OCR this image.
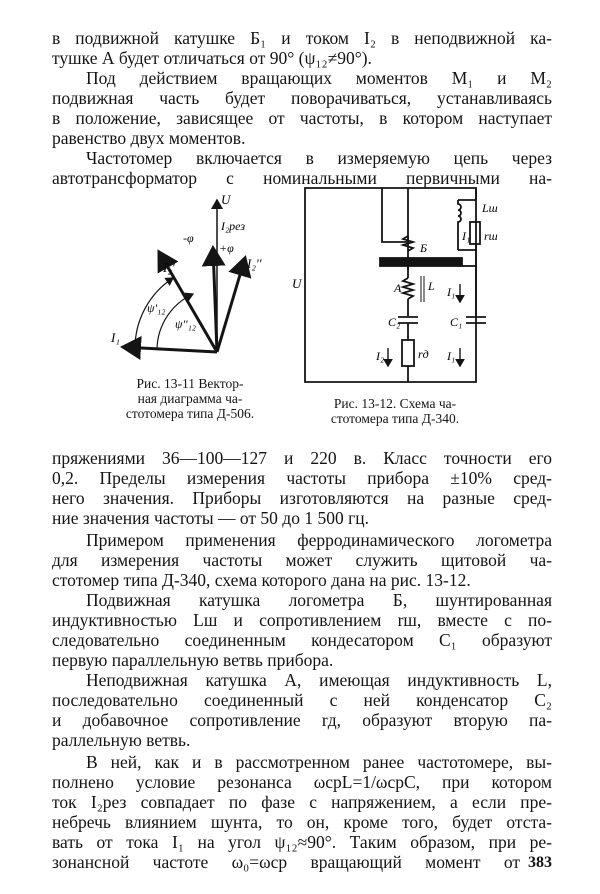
в подвижной катушке Б₁ и током I₂ в неподвижной ка-
тушке А будет отличаться от 90° (ψ₁₂≠90°).
Под действием вращающих моментов M₁ и M₂
подвижная часть будет поворачиваться, устанавливаясь
в положение, зависящее от частоты, в котором наступает
равенство двух моментов.
Частотомер включается в измеряемую цепь через
автотрансформатор с номинальными первичными на-
U
I₂рез
-φ
+φ
I₂'	I₂''
ψ'₁₂
ψ''₁₂
I₁
Рис. 13-11 Вектор-
ная диаграмма ча-
стотомера типа Д-506.
U
Lш
rш
Б
А L
C₂	C₁
I₂	rд
I₁
I₁
I₁
Рис. 13-12. Схема ча-
стотомера типа Д-340.
пряжениями 36—100—127 и 220 в. Класс точности его
0,2. Пределы измерения частоты прибора ±10% сред-
него значения. Приборы изготовляются на разные сред-
ние значения частоты — от 50 до 1 500 гц.
Примером применения ферродинамического логометра
для измерения частоты может служить щитовой ча-
стотомер типа Д-340, схема которого дана на рис. 13-12.
Подвижная катушка логометра Б, шунтированная
индуктивностью Lш и сопротивлением rш, вместе с по-
следовательно соединенным кондесатором C₁ образуют
первую параллельную ветвь прибора.
Неподвижная катушка А, имеющая индуктивность L,
последовательно соединенный с ней конденсатор C₂
и добавочное сопротивление rд, образуют вторую па-
раллельную ветвь.
В ней, как и в рассмотренном ранее частотомере, вы-
полнено условие резонанса ωсрL=1/ωсрC, при котором
ток I₂рез совпадает по фазе с напряжением, а если пре-
небречь влиянием шунта, то он, кроме того, будет отста-
вать от тока I₁ на угол ψ₁₂≈90°. Таким образом, при ре-
зонансной частоте ω₀=ωср вращающий момент от 383
